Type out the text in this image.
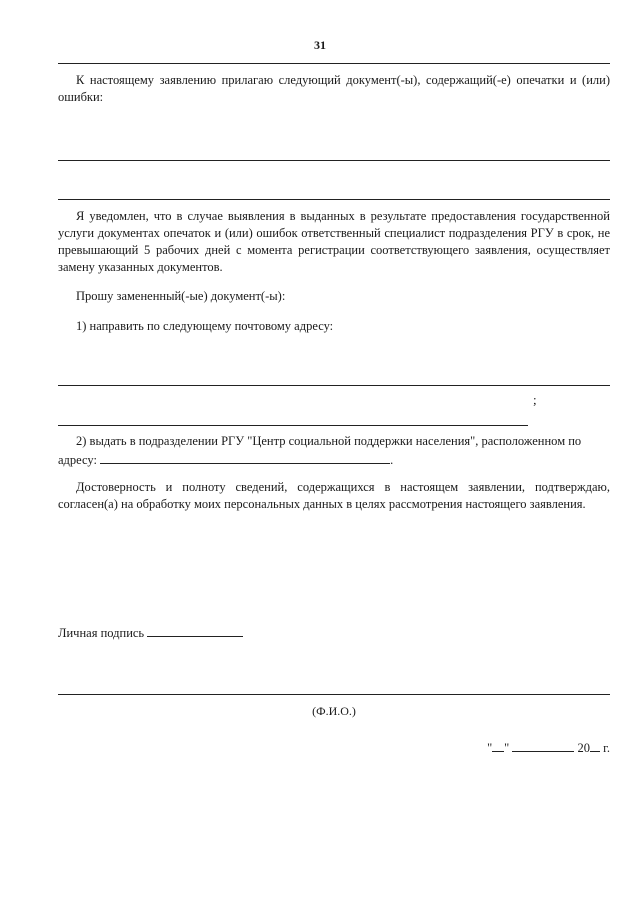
31
К настоящему заявлению прилагаю следующий документ(-ы), содержащий(-е) опечатки и (или) ошибки:
Я уведомлен, что в случае выявления в выданных в результате предоставления государственной услуги документах опечаток и (или) ошибок ответственный специалист подразделения РГУ в срок, не превышающий 5 рабочих дней с момента регистрации соответствующего заявления, осуществляет замену указанных документов.
Прошу замененный(-ые) документ(-ы):
1) направить по следующему почтовому адресу:
;
2) выдать в подразделении РГУ "Центр социальной поддержки населения", расположенном по
адресу:	.
Достоверность и полноту сведений, содержащихся в настоящем заявлении, подтверждаю, согласен(а) на обработку моих персональных данных в целях рассмотрения настоящего заявления.
Личная подпись
(Ф.И.О.)
" "	20 г.
